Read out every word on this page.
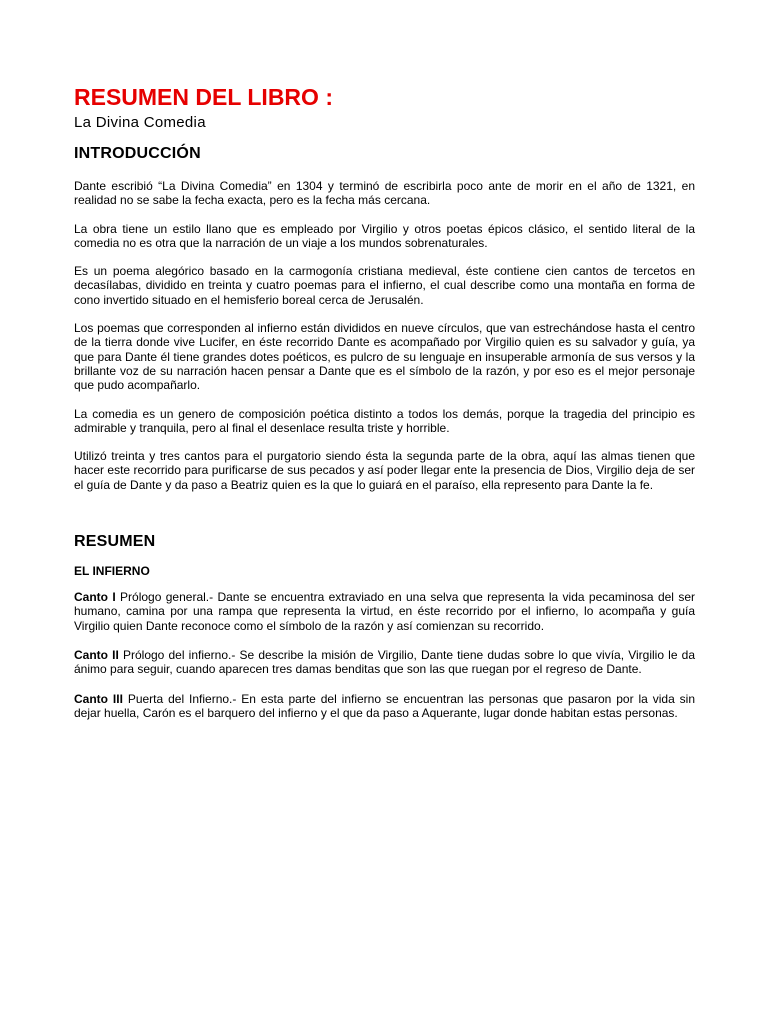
RESUMEN DEL LIBRO :
La Divina Comedia
INTRODUCCIÓN

Dante escribió “La Divina Comedia” en 1304 y terminó de escribirla poco ante de morir en el año de 1321, en realidad no se sabe la fecha exacta, pero es la fecha más cercana.

La obra tiene un estilo llano que es empleado por Virgilio y otros poetas épicos clásico, el sentido literal de la comedia no es otra que la narración de un viaje a los mundos sobrenaturales.

Es un poema alegórico basado en la carmogonía cristiana medieval, éste contiene cien cantos de tercetos en decasílabas, dividido en treinta y cuatro poemas para el infierno, el cual describe como una montaña en forma de cono invertido situado en el hemisferio boreal cerca de Jerusalén.

Los poemas que corresponden al infierno están divididos en nueve círculos, que van estrechándose hasta el centro de la tierra donde vive Lucifer, en éste recorrido Dante es acompañado por Virgilio quien es su salvador y guía, ya que para Dante él tiene grandes dotes poéticos, es pulcro de su lenguaje en insuperable armonía de sus versos y la brillante voz de su narración hacen pensar a Dante que es el símbolo de la razón, y por eso es el mejor personaje que pudo acompañarlo.

La comedia es un genero de composición poética distinto a todos los demás, porque la tragedia del principio es admirable y tranquila, pero al final el desenlace resulta triste y horrible.

Utilizó treinta y tres cantos para el purgatorio siendo ésta la segunda parte de la obra, aquí las almas tienen que hacer este recorrido para purificarse de sus pecados y así poder llegar ente la presencia de Dios, Virgilio deja de ser el guía de Dante y da paso a Beatriz quien es la que lo guiará en el paraíso, ella represento para Dante la fe.

RESUMEN
EL INFIERNO

Canto I Prólogo general.- Dante se encuentra extraviado en una selva que representa la vida pecaminosa del ser humano, camina por una rampa que representa la virtud, en éste recorrido por el infierno, lo acompaña y guía Virgilio quien Dante reconoce como el símbolo de la razón y así comienzan su recorrido.

Canto II Prólogo del infierno.- Se describe la misión de Virgilio, Dante tiene dudas sobre lo que vivía, Virgilio le da ánimo para seguir, cuando aparecen tres damas benditas que son las que ruegan por el regreso de Dante.

Canto III Puerta del Infierno.- En esta parte del infierno se encuentran las personas que pasaron por la vida sin dejar huella, Carón es el barquero del infierno y el que da paso a Aquerante, lugar donde habitan estas personas.
